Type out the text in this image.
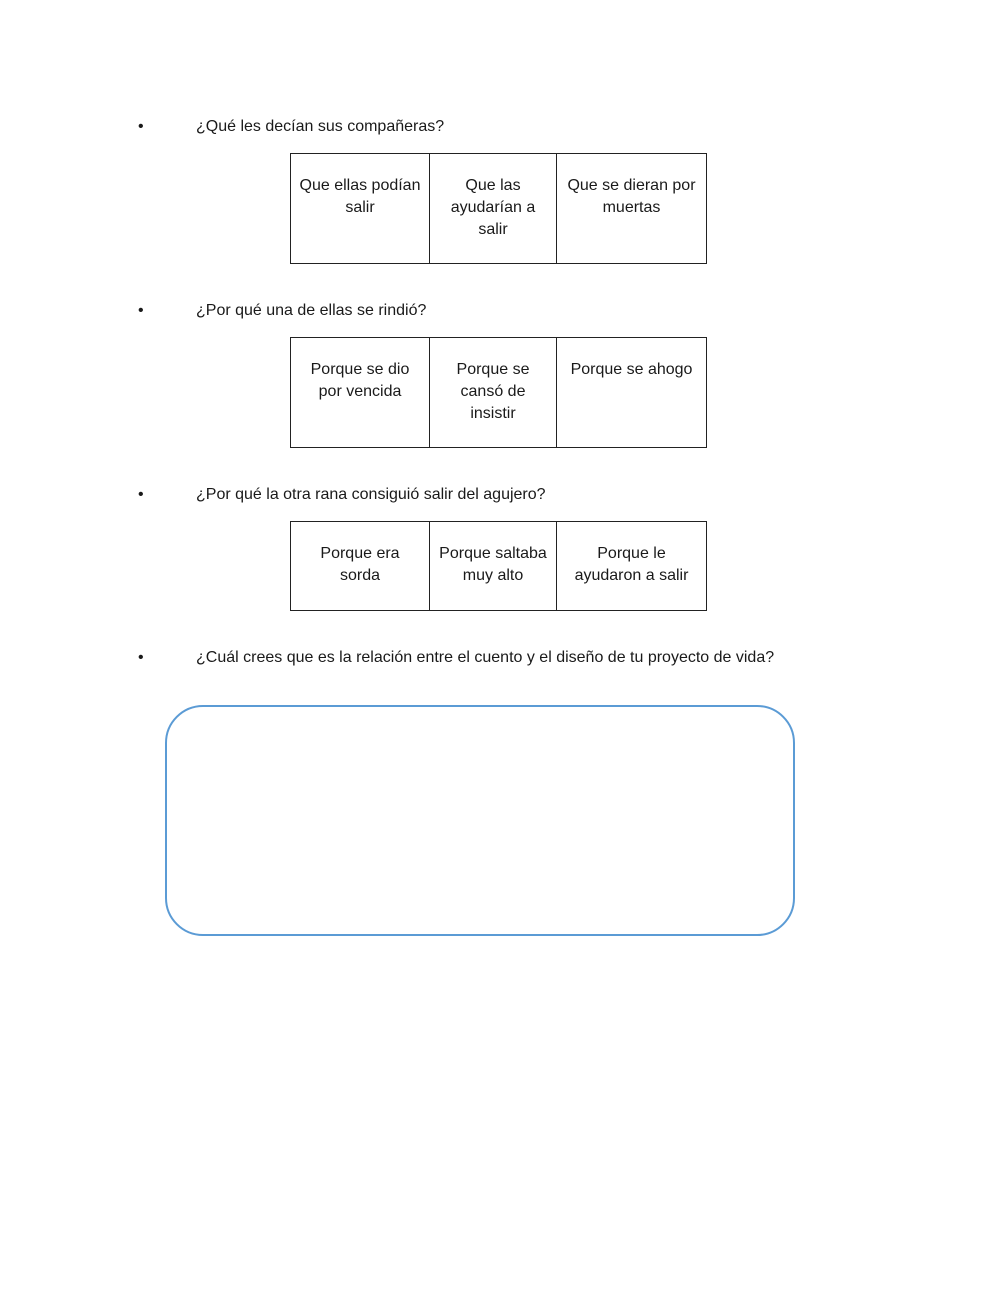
•	¿Qué les decían sus compañeras?
Que ellas podían salir	Que las ayudarían a salir	Que se dieran por muertas
•	¿Por qué una de ellas se rindió?
Porque se dio por vencida	Porque se cansó de insistir	Porque se ahogo
•	¿Por qué la otra rana consiguió salir del agujero?
Porque era sorda	Porque saltaba muy alto	Porque le ayudaron a salir
•	¿Cuál crees que es la relación entre el cuento y el diseño de tu proyecto de vida?
